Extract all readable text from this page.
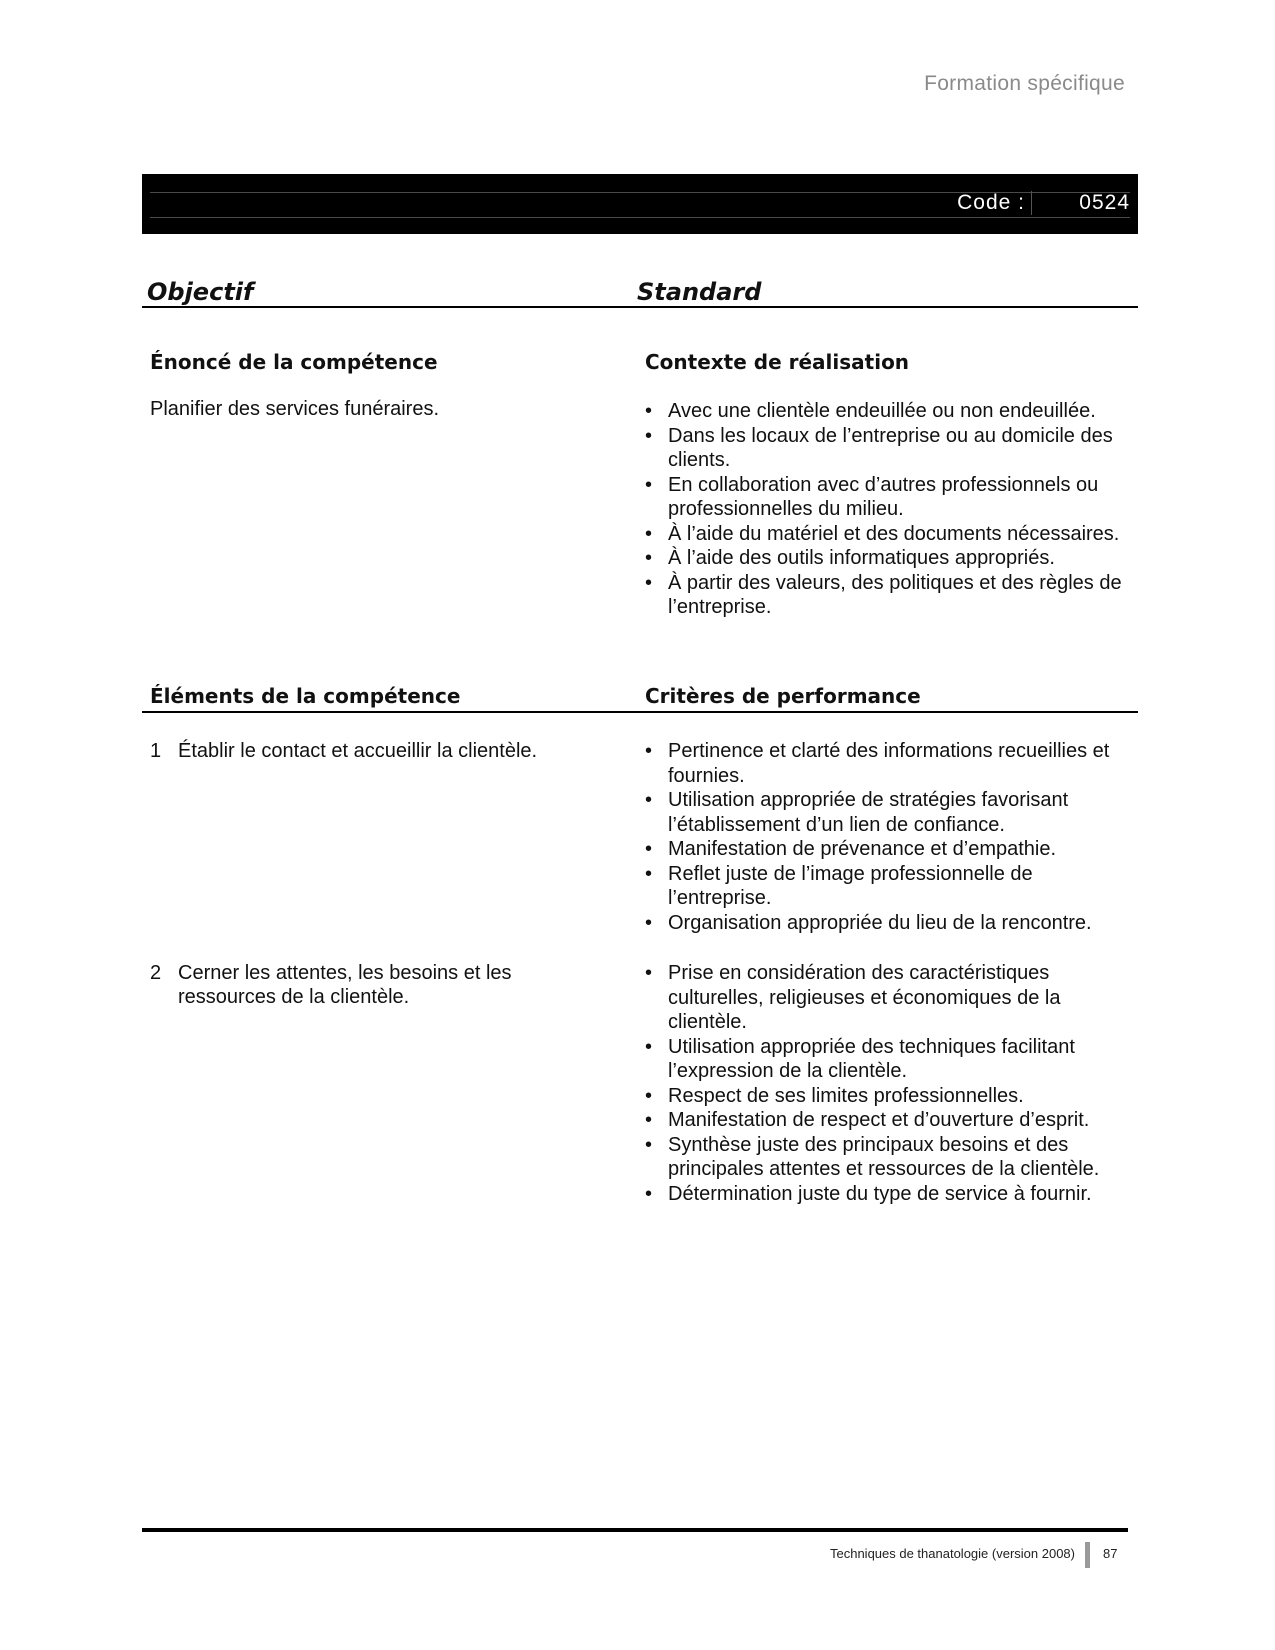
Formation spécifique
Code :	0524
Objectif	Standard
Énoncé de la compétence
Planifier des services funéraires.
Contexte de réalisation
• Avec une clientèle endeuillée ou non endeuillée.
• Dans les locaux de l’entreprise ou au domicile des clients.
• En collaboration avec d’autres professionnels ou professionnelles du milieu.
• À l’aide du matériel et des documents nécessaires.
• À l’aide des outils informatiques appropriés.
• À partir des valeurs, des politiques et des règles de l’entreprise.
Éléments de la compétence	Critères de performance
1 Établir le contact et accueillir la clientèle.
•	Pertinence et clarté des informations recueillies et fournies.
• Utilisation appropriée de stratégies favorisant l’établissement d’un lien de confiance.
• Manifestation de prévenance et d’empathie.
• Reflet juste de l’image professionnelle de l’entreprise.
• Organisation appropriée du lieu de la rencontre.
2 Cerner les attentes, les besoins et les ressources de la clientèle.
• Prise en considération des caractéristiques culturelles, religieuses et économiques de la clientèle.
• Utilisation appropriée des techniques facilitant l’expression de la clientèle.
• Respect de ses limites professionnelles.
• Manifestation de respect et d’ouverture d’esprit.
• Synthèse juste des principaux besoins et des principales attentes et ressources de la clientèle.
• Détermination juste du type de service à fournir.
Techniques de thanatologie (version 2008) 87
